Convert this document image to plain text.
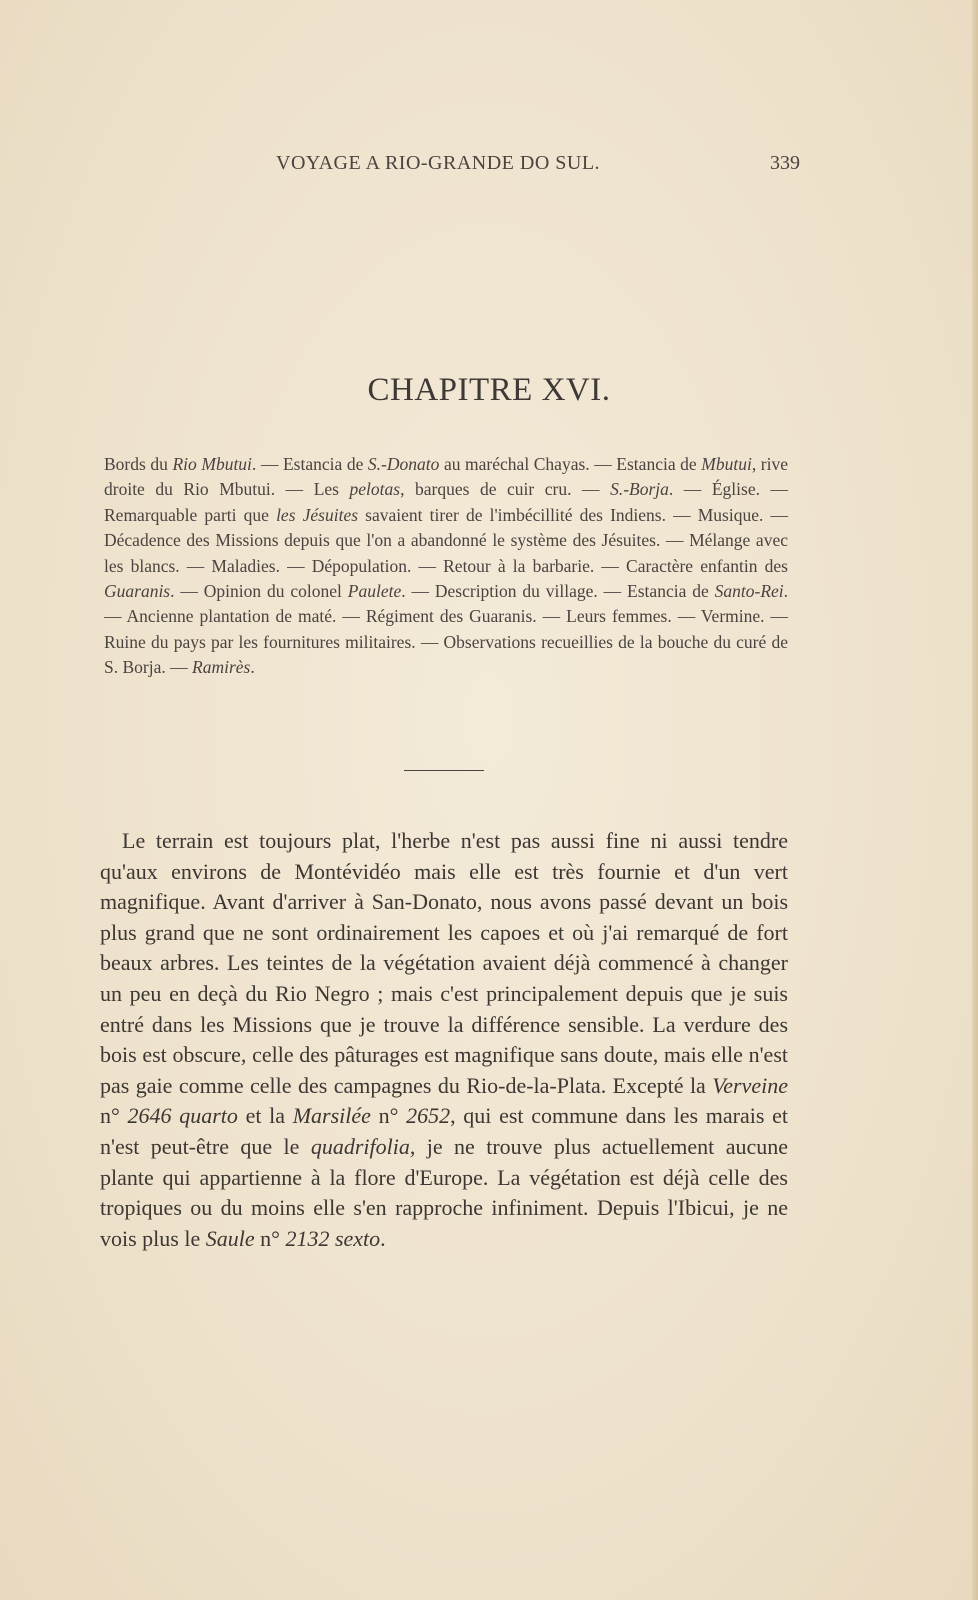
VOYAGE A RIO-GRANDE DO SUL.	339
CHAPITRE XVI.
Bords du Rio Mbutui. — Estancia de S.-Donato au maréchal Chayas. — Estancia de Mbutui, rive droite du Rio Mbutui. — Les pelotas, barques de cuir cru. — S.-Borja. — Église. — Remarquable parti que les Jésuites savaient tirer de l'imbécillité des Indiens. — Musique. — Décadence des Missions depuis que l'on a abandonné le système des Jésuites. — Mélange avec les blancs. — Maladies. — Dépopulation. — Retour à la barbarie. — Caractère enfantin des Guaranis. — Opinion du colonel Paulete. — Description du village. — Estancia de Santo-Rei. — Ancienne plantation de maté. — Régiment des Guaranis. — Leurs femmes. — Vermine. — Ruine du pays par les fournitures militaires. — Observations recueillies de la bouche du curé de S. Borja. — Ramirès.
Le terrain est toujours plat, l'herbe n'est pas aussi fine ni aussi tendre qu'aux environs de Montévidéo mais elle est très fournie et d'un vert magnifique. Avant d'arriver à San-Donato, nous avons passé devant un bois plus grand que ne sont ordinairement les capoes et où j'ai remarqué de fort beaux arbres. Les teintes de la végétation avaient déjà commencé à changer un peu en deçà du Rio Negro ; mais c'est principalement depuis que je suis entré dans les Missions que je trouve la différence sensible. La verdure des bois est obscure, celle des pâturages est magnifique sans doute, mais elle n'est pas gaie comme celle des campagnes du Rio-de-la-Plata. Excepté la Verveine n° 2646 quarto et la Marsilée n° 2652, qui est commune dans les marais et n'est peut-être que le quadrifolia, je ne trouve plus actuellement aucune plante qui appartienne à la flore d'Europe. La végétation est déjà celle des tropiques ou du moins elle s'en rapproche infiniment. Depuis l'Ibicui, je ne vois plus le Saule n° 2132 sexto.
